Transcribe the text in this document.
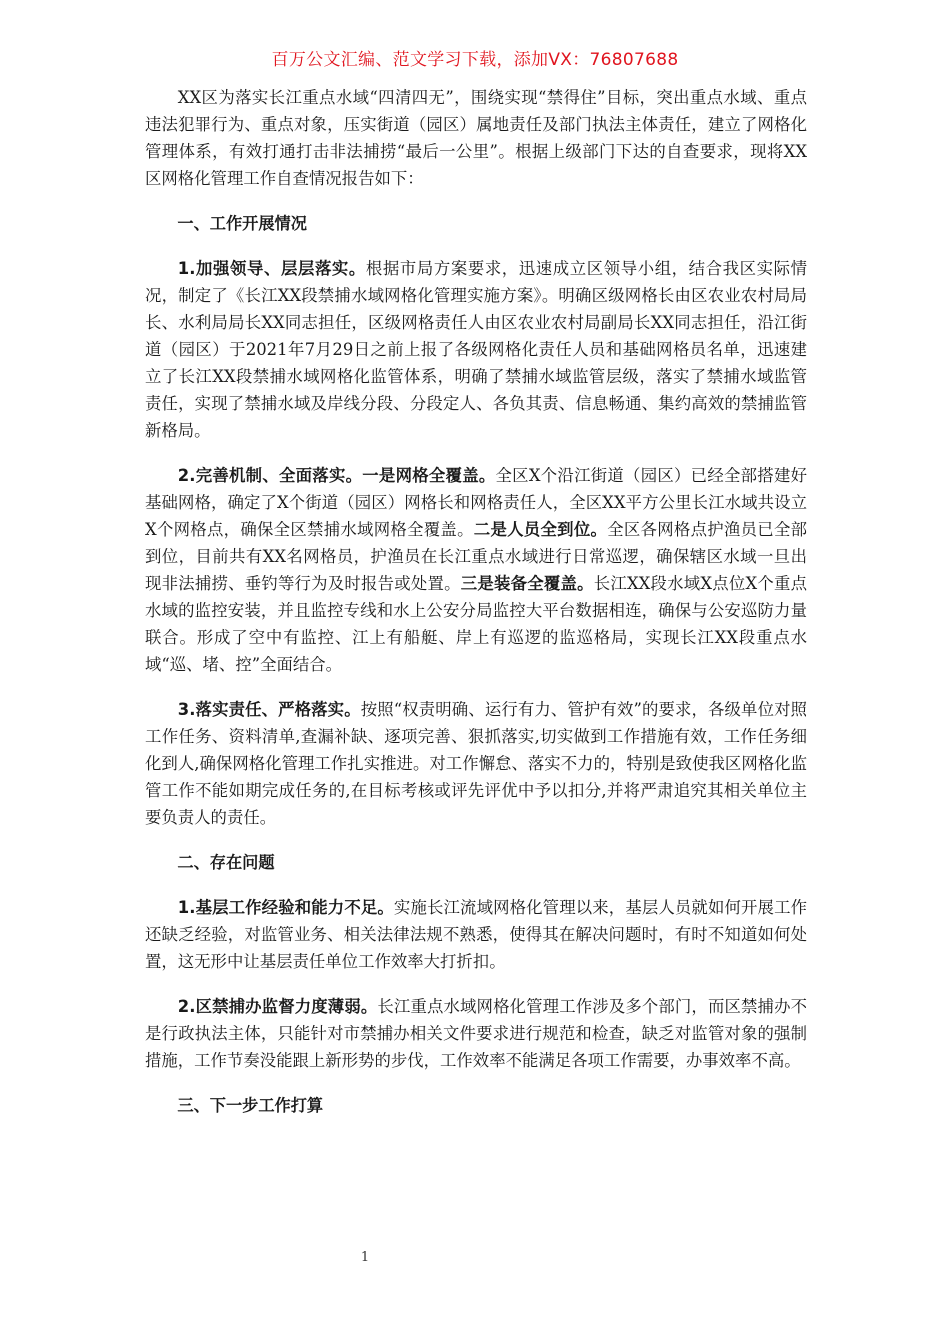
百万公文汇编、范文学习下载，添加VX：76807688

XX区为落实长江重点水域“四清四无”，围绕实现“禁得住”目标，突出重点水域、重点违法犯罪行为、重点对象，压实街道（园区）属地责任及部门执法主体责任，建立了网格化管理体系，有效打通打击非法捕捞“最后一公里”。根据上级部门下达的自查要求，现将XX区网格化管理工作自查情况报告如下：

一、工作开展情况

1.加强领导、层层落实。根据市局方案要求，迅速成立区领导小组，结合我区实际情况，制定了《长江XX段禁捕水域网格化管理实施方案》。明确区级网格长由区农业农村局局长、水利局局长XX同志担任，区级网格责任人由区农业农村局副局长XX同志担任，沿江街道（园区）于2021年7月29日之前上报了各级网格化责任人员和基础网格员名单，迅速建立了长江XX段禁捕水域网格化监管体系，明确了禁捕水域监管层级，落实了禁捕水域监管责任，实现了禁捕水域及岸线分段、分段定人、各负其责、信息畅通、集约高效的禁捕监管新格局。

2.完善机制、全面落实。一是网格全覆盖。全区X个沿江街道（园区）已经全部搭建好基础网格，确定了X个街道（园区）网格长和网格责任人，全区XX平方公里长江水域共设立X个网格点，确保全区禁捕水域网格全覆盖。二是人员全到位。全区各网格点护渔员已全部到位，目前共有XX名网格员，护渔员在长江重点水域进行日常巡逻，确保辖区水域一旦出现非法捕捞、垂钓等行为及时报告或处置。三是装备全覆盖。长江XX段水域X点位X个重点水域的监控安装，并且监控专线和水上公安分局监控大平台数据相连，确保与公安巡防力量联合。形成了空中有监控、江上有船艇、岸上有巡逻的监巡格局，实现长江XX段重点水域“巡、堵、控”全面结合。

3.落实责任、严格落实。按照“权责明确、运行有力、管护有效”的要求，各级单位对照工作任务、资料清单,查漏补缺、逐项完善、狠抓落实,切实做到工作措施有效，工作任务细化到人,确保网格化管理工作扎实推进。对工作懈怠、落实不力的，特别是致使我区网格化监管工作不能如期完成任务的,在目标考核或评先评优中予以扣分,并将严肃追究其相关单位主要负责人的责任。

二、存在问题

1.基层工作经验和能力不足。实施长江流域网格化管理以来，基层人员就如何开展工作还缺乏经验，对监管业务、相关法律法规不熟悉，使得其在解决问题时，有时不知道如何处置，这无形中让基层责任单位工作效率大打折扣。

2.区禁捕办监督力度薄弱。长江重点水域网格化管理工作涉及多个部门，而区禁捕办不是行政执法主体，只能针对市禁捕办相关文件要求进行规范和检查，缺乏对监管对象的强制措施，工作节奏没能跟上新形势的步伐，工作效率不能满足各项工作需要，办事效率不高。

三、下一步工作打算

1
